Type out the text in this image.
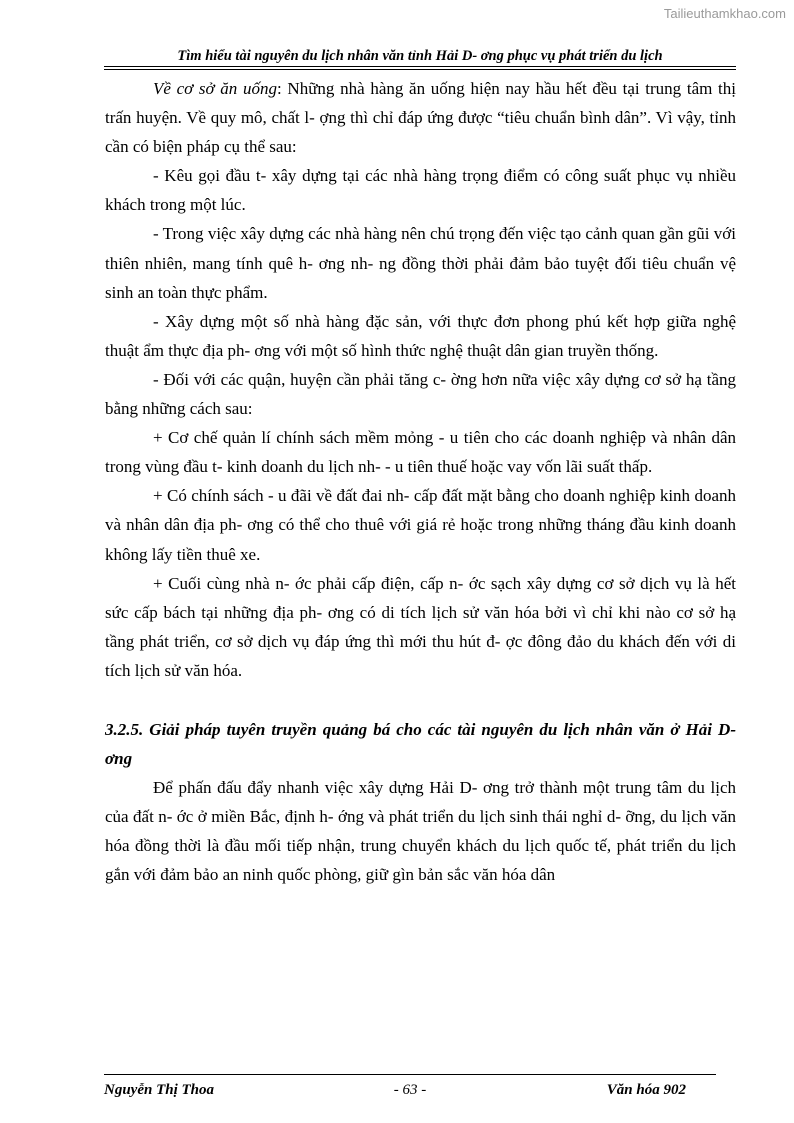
Tailieuthamkhao.com
Tìm hiểu tài nguyên du lịch nhân văn tỉnh Hải D- ơng phục vụ phát triển du lịch

Về cơ sở ăn uống: Những nhà hàng ăn uống hiện nay hầu hết đều tại trung tâm thị trấn huyện. Về quy mô, chất l- ợng thì chỉ đáp ứng được “tiêu chuẩn bình dân”. Vì vậy, tỉnh cần có biện pháp cụ thể sau:

- Kêu gọi đầu t- xây dựng tại các nhà hàng trọng điểm có công suất phục vụ nhiều khách trong một lúc.

- Trong việc xây dựng các nhà hàng nên chú trọng đến việc tạo cảnh quan gần gũi với thiên nhiên, mang tính quê h- ơng nh- ng đồng thời phải đảm bảo tuyệt đối tiêu chuẩn vệ sinh an toàn thực phẩm.

- Xây dựng một số nhà hàng đặc sản, với thực đơn phong phú kết hợp giữa nghệ thuật ẩm thực địa ph- ơng với một số hình thức nghệ thuật dân gian truyền thống.

- Đối với các quận, huyện cần phải tăng c- ờng hơn nữa việc xây dựng cơ sở hạ tầng bằng những cách sau:

+ Cơ chế quản lí chính sách mềm mỏng - u tiên cho các doanh nghiệp và nhân dân trong vùng đầu t- kinh doanh du lịch nh- - u tiên thuế hoặc vay vốn lãi suất thấp.

+ Có chính sách - u đãi về đất đai nh- cấp đất mặt bằng cho doanh nghiệp kinh doanh và nhân dân địa ph- ơng có thể cho thuê với giá rẻ hoặc trong những tháng đầu kinh doanh không lấy tiền thuê xe.

+ Cuối cùng nhà n- ớc phải cấp điện, cấp n- ớc sạch xây dựng cơ sở dịch vụ là hết sức cấp bách tại những địa ph- ơng có di tích lịch sử văn hóa bởi vì chỉ khi nào cơ sở hạ tầng phát triển, cơ sở dịch vụ đáp ứng thì mới thu hút đ- ợc đông đảo du khách đến với di tích lịch sử văn hóa.

3.2.5. Giải pháp tuyên truyền quảng bá cho các tài nguyên du lịch nhân văn ở Hải D- ơng

Để phấn đấu đẩy nhanh việc xây dựng Hải D- ơng trở thành một trung tâm du lịch của đất n- ớc ở miền Bắc, định h- ớng và phát triển du lịch sinh thái nghỉ d- ỡng, du lịch văn hóa đồng thời là đầu mối tiếp nhận, trung chuyển khách du lịch quốc tế, phát triển du lịch gắn với đảm bảo an ninh quốc phòng, giữ gìn bản sắc văn hóa dân

Nguyễn Thị Thoa	- 63 -	Văn hóa 902
